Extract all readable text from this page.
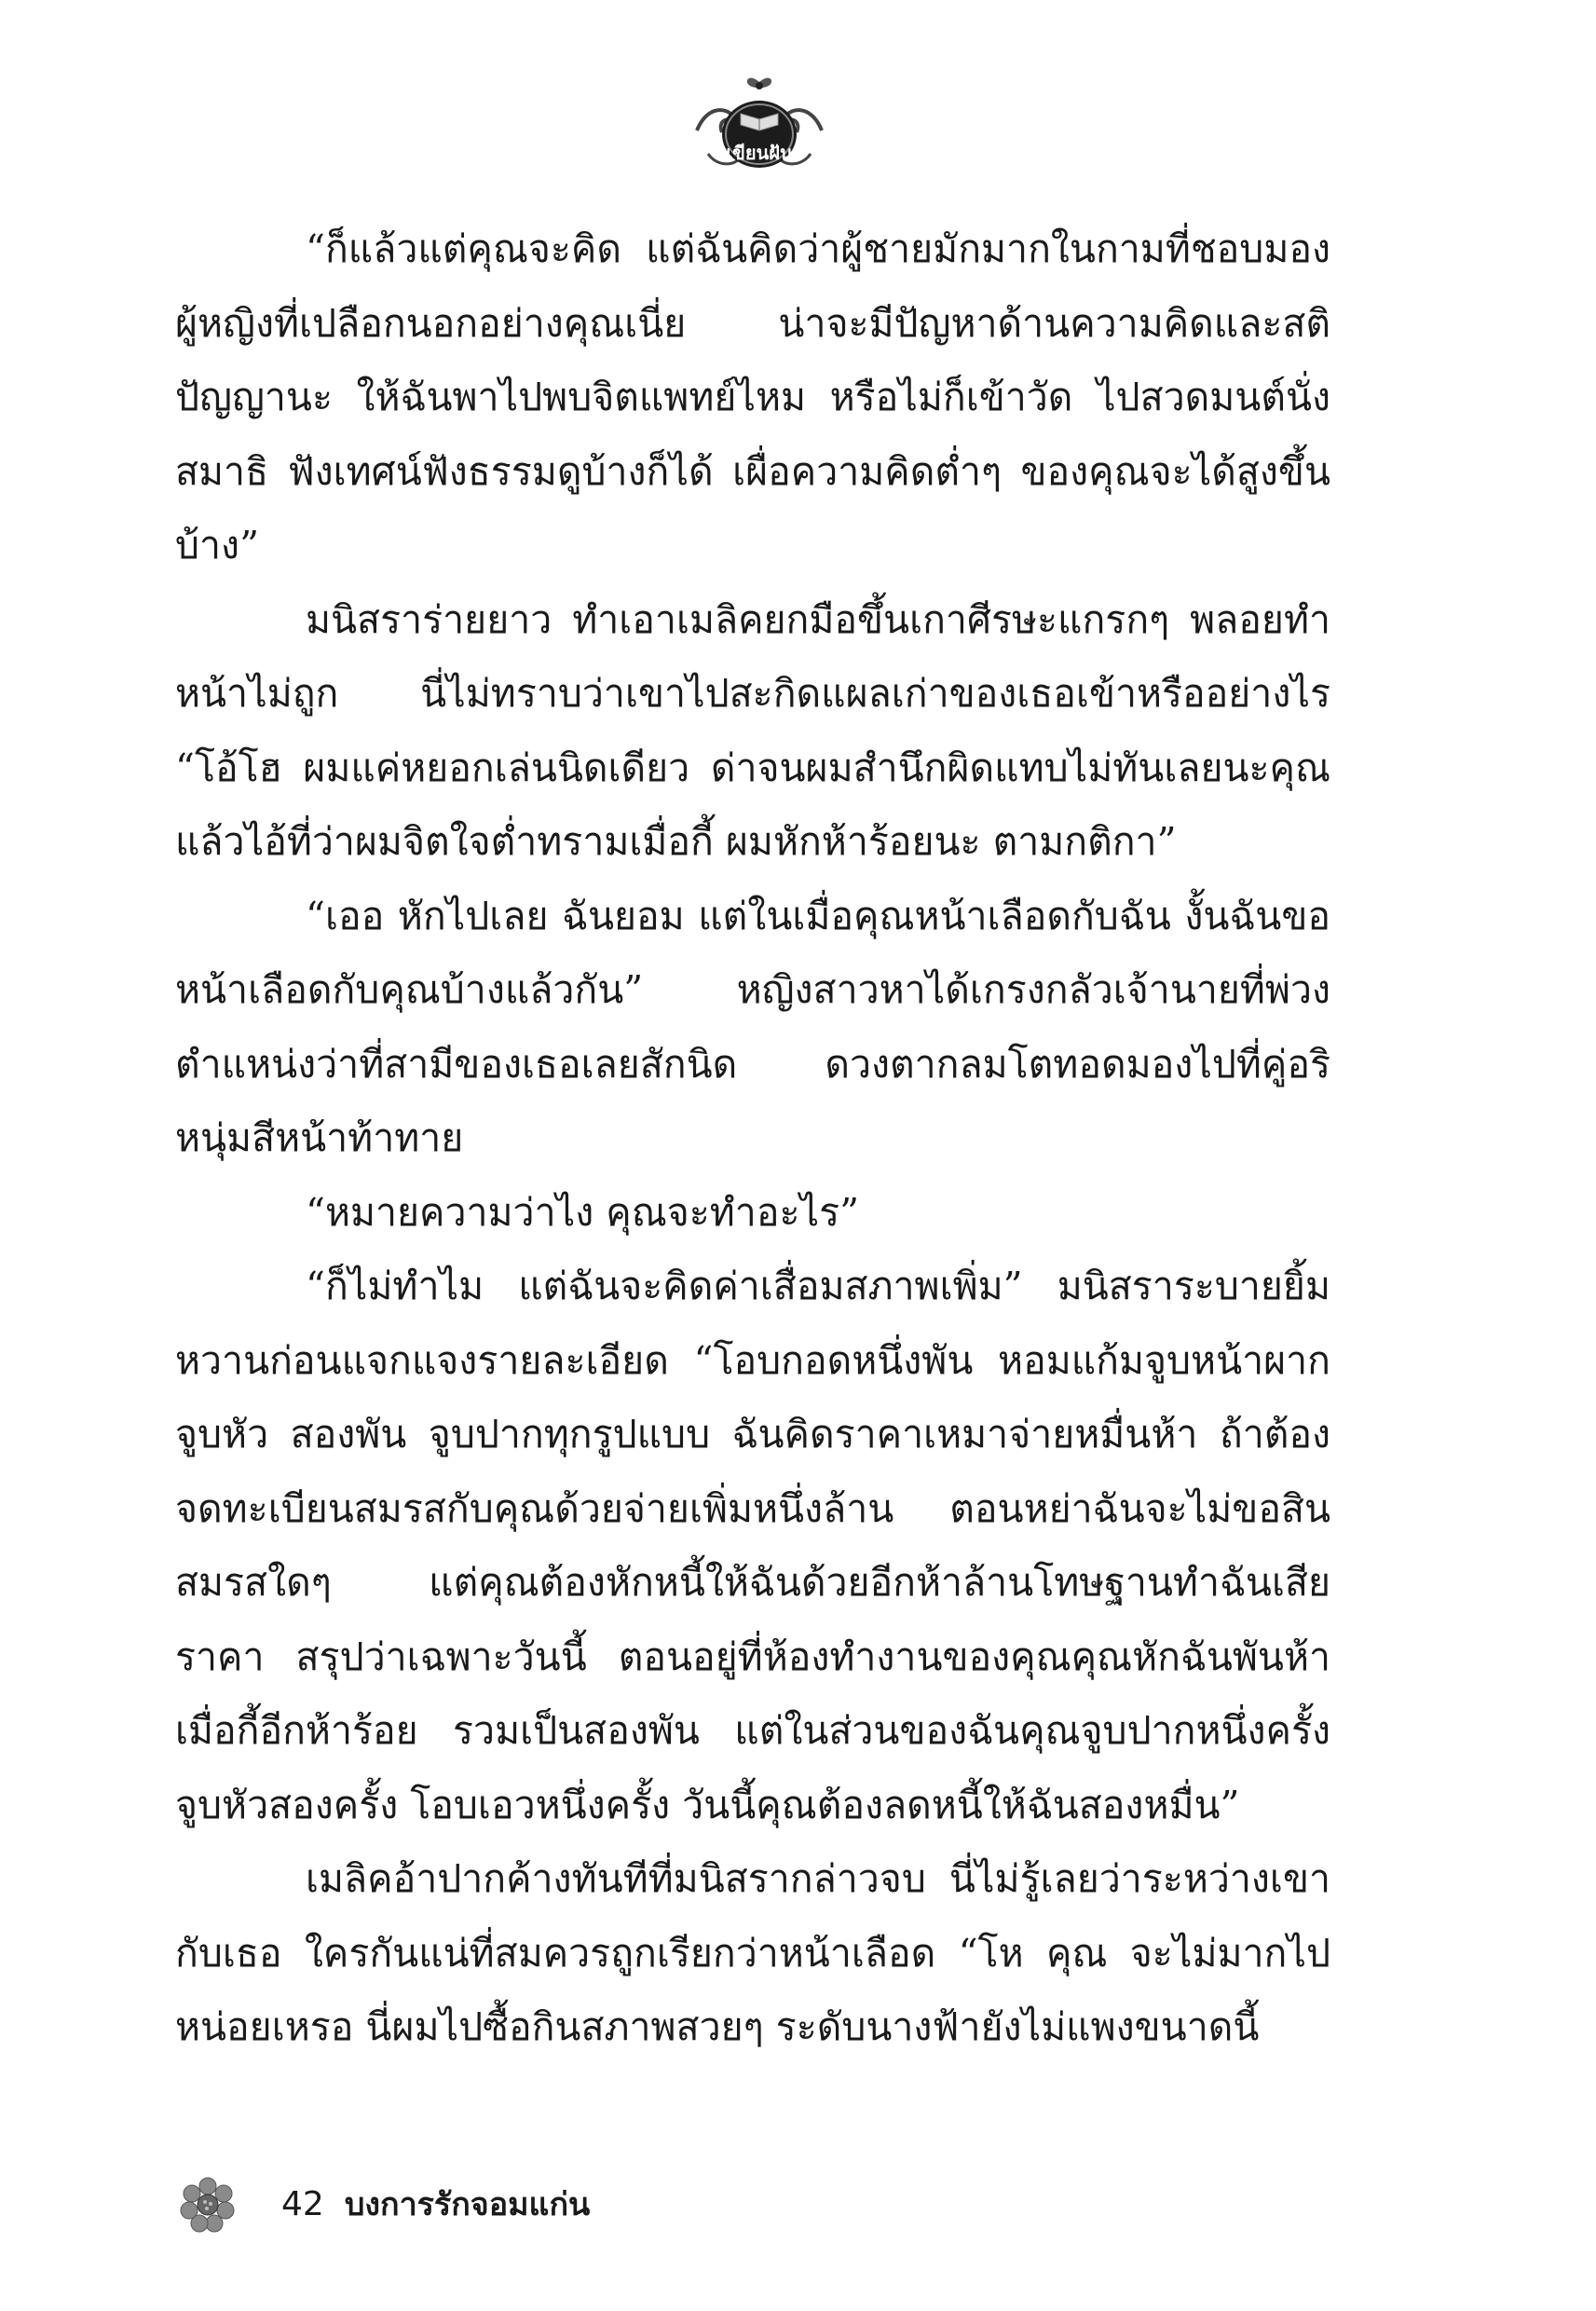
เขียนฝัน

“ก็แล้วแต่คุณจะคิด แต่ฉันคิดว่าผู้ชายมักมากในกามที่ชอบมองผู้หญิงที่เปลือกนอกอย่างคุณเนี่ย น่าจะมีปัญหาด้านความคิดและสติปัญญานะ ให้ฉันพาไปพบจิตแพทย์ไหม หรือไม่ก็เข้าวัด ไปสวดมนต์นั่งสมาธิ ฟังเทศน์ฟังธรรมดูบ้างก็ได้ เผื่อความคิดต่ำๆ ของคุณจะได้สูงขึ้นบ้าง”

มนิสราร่ายยาว ทำเอาเมลิคยกมือขึ้นเกาศีรษะแกรกๆ พลอยทำหน้าไม่ถูก นี่ไม่ทราบว่าเขาไปสะกิดแผลเก่าของเธอเข้าหรืออย่างไร “โอ้โฮ ผมแค่หยอกเล่นนิดเดียว ด่าจนผมสำนึกผิดแทบไม่ทันเลยนะคุณ แล้วไอ้ที่ว่าผมจิตใจต่ำทรามเมื่อกี้ ผมหักห้าร้อยนะ ตามกติกา”

“เออ หักไปเลย ฉันยอม แต่ในเมื่อคุณหน้าเลือดกับฉัน งั้นฉันขอหน้าเลือดกับคุณบ้างแล้วกัน” หญิงสาวหาได้เกรงกลัวเจ้านายที่พ่วงตำแหน่งว่าที่สามีของเธอเลยสักนิด ดวงตากลมโตทอดมองไปที่คู่อริหนุ่มสีหน้าท้าทาย

“หมายความว่าไง คุณจะทำอะไร”

“ก็ไม่ทำไม แต่ฉันจะคิดค่าเสื่อมสภาพเพิ่ม” มนิสราระบายยิ้มหวานก่อนแจกแจงรายละเอียด “โอบกอดหนึ่งพัน หอมแก้มจูบหน้าผาก จูบหัว สองพัน จูบปากทุกรูปแบบ ฉันคิดราคาเหมาจ่ายหมื่นห้า ถ้าต้องจดทะเบียนสมรสกับคุณด้วยจ่ายเพิ่มหนึ่งล้าน ตอนหย่าฉันจะไม่ขอสินสมรสใดๆ แต่คุณต้องหักหนี้ให้ฉันด้วยอีกห้าล้านโทษฐานทำฉันเสียราคา สรุปว่าเฉพาะวันนี้ ตอนอยู่ที่ห้องทำงานของคุณคุณหักฉันพันห้า เมื่อกี้อีกห้าร้อย รวมเป็นสองพัน แต่ในส่วนของฉันคุณจูบปากหนึ่งครั้ง จูบหัวสองครั้ง โอบเอวหนึ่งครั้ง วันนี้คุณต้องลดหนี้ให้ฉันสองหมื่น”

เมลิคอ้าปากค้างทันทีที่มนิสรากล่าวจบ นี่ไม่รู้เลยว่าระหว่างเขากับเธอ ใครกันแน่ที่สมควรถูกเรียกว่าหน้าเลือด “โห คุณ จะไม่มากไปหน่อยเหรอ นี่ผมไปซื้อกินสภาพสวยๆ ระดับนางฟ้ายังไม่แพงขนาดนี้

42 บงการรักจอมแก่น
